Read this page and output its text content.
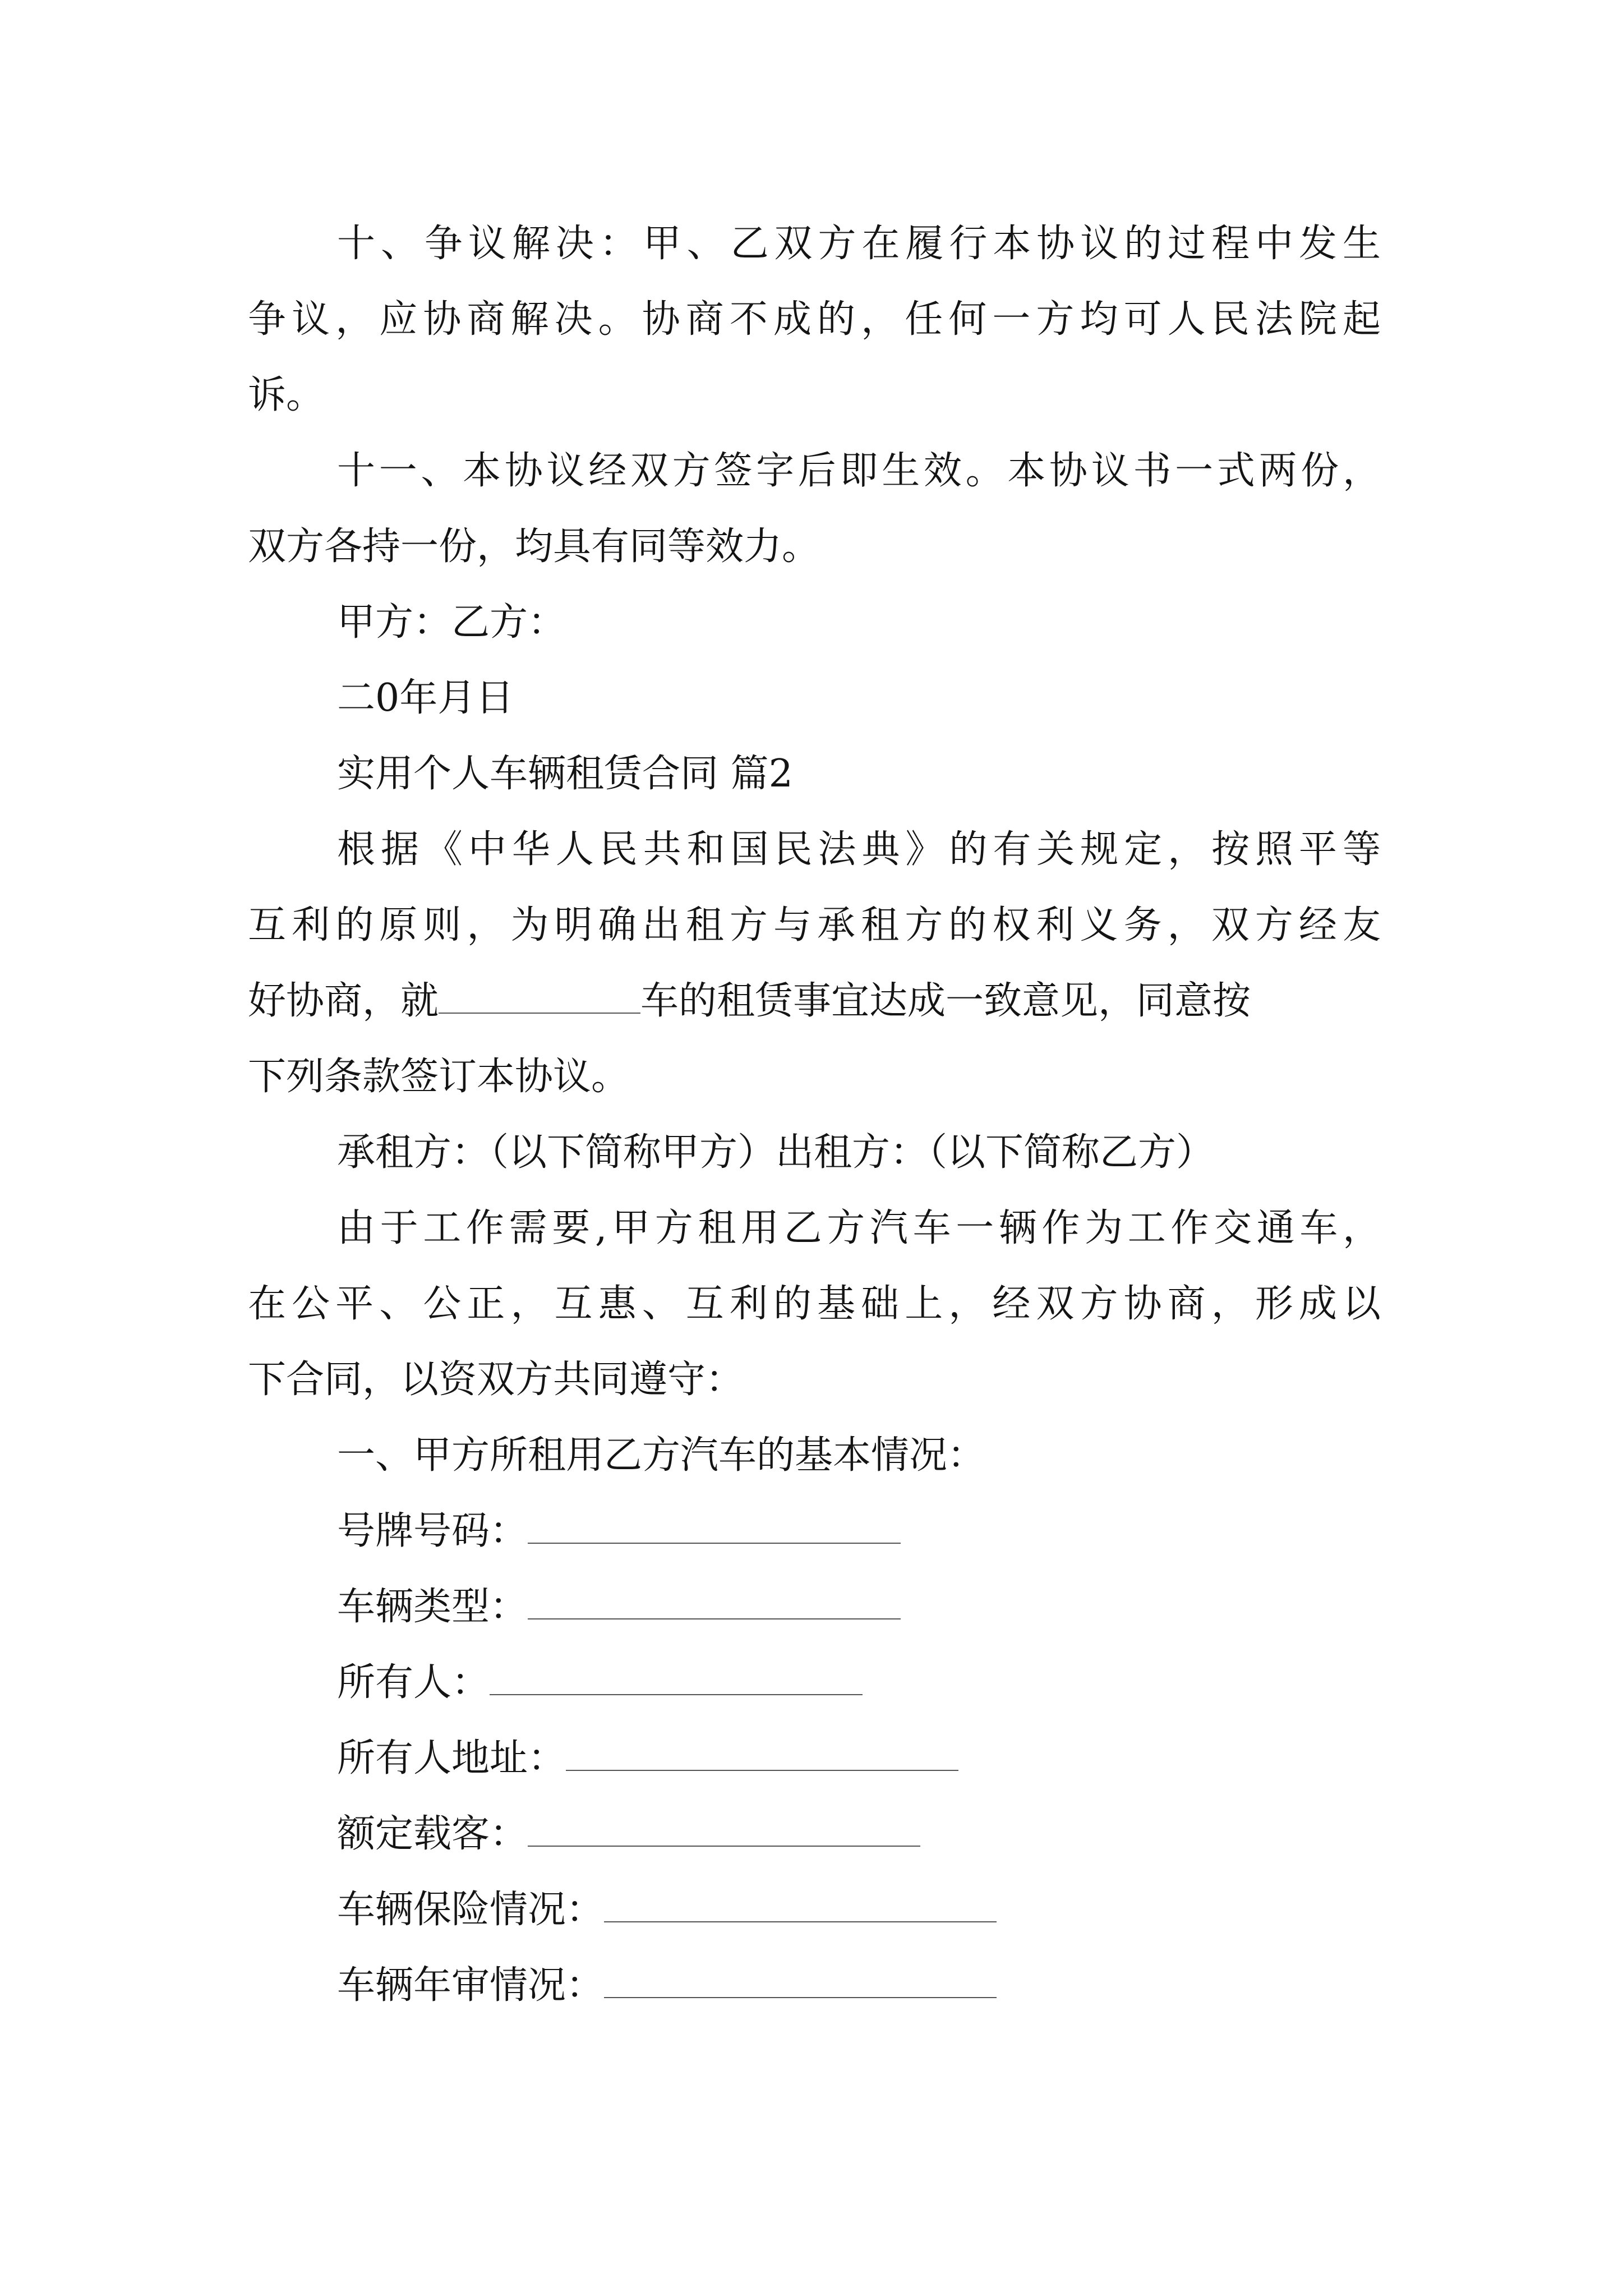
十、争议解决：甲、乙双方在履行本协议的过程中发生
争议，应协商解决。协商不成的，任何一方均可人民法院起
诉。
十一、本协议经双方签字后即生效。本协议书一式两份，
双方各持一份，均具有同等效力。
甲方：乙方：
二0年月日
实用个人车辆租赁合同 篇2
根据《中华人民共和国民法典》的有关规定，按照平等
互利的原则，为明确出租方与承租方的权利义务，双方经友
好协商，就	车的租赁事宜达成一致意见，同意按
下列条款签订本协议。
承租方：（以下简称甲方）出租方：（以下简称乙方）
由于工作需要,甲方租用乙方汽车一辆作为工作交通车，
在公平、公正，互惠、互利的基础上，经双方协商，形成以
下合同，以资双方共同遵守：
一、甲方所租用乙方汽车的基本情况：
号牌号码：
车辆类型：
所有人：
所有人地址：
额定载客：
车辆保险情况：
车辆年审情况：
